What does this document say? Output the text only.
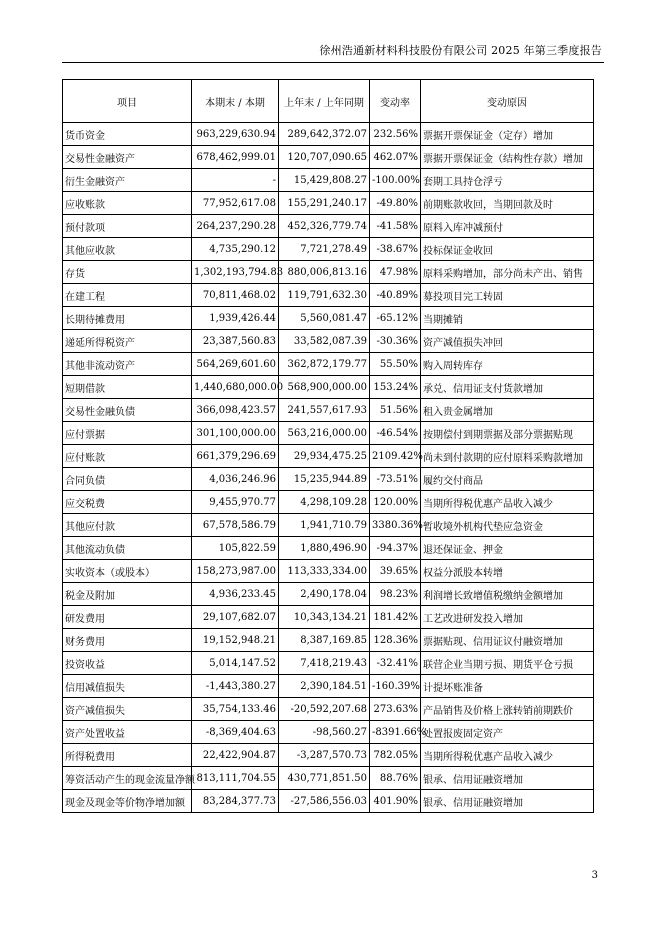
徐州浩通新材料科技股份有限公司 2025 年第三季度报告
项目	本期末 / 本期	上年末 / 上年同期	变动率	变动原因
货币资金	963,229,630.94	289,642,372.07	232.56%	票据开票保证金（定存）增加
交易性金融资产	678,462,999.01	120,707,090.65	462.07%	票据开票保证金（结构性存款）增加
衍生金融资产	-	15,429,808.27	-100.00%	套期工具持仓浮亏
应收账款	77,952,617.08	155,291,240.17	-49.80%	前期账款收回，当期回款及时
预付款项	264,237,290.28	452,326,779.74	-41.58%	原料入库冲减预付
其他应收款	4,735,290.12	7,721,278.49	-38.67%	投标保证金收回
存货	1,302,193,794.83	880,006,813.16	47.98%	原料采购增加，部分尚未产出、销售
在建工程	70,811,468.02	119,791,632.30	-40.89%	募投项目完工转固
长期待摊费用	1,939,426.44	5,560,081.47	-65.12%	当期摊销
递延所得税资产	23,387,560.83	33,582,087.39	-30.36%	资产减值损失冲回
其他非流动资产	564,269,601.60	362,872,179.77	55.50%	购入周转库存
短期借款	1,440,680,000.00	568,900,000.00	153.24%	承兑、信用证支付货款增加
交易性金融负债	366,098,423.57	241,557,617.93	51.56%	租入贵金属增加
应付票据	301,100,000.00	563,216,000.00	-46.54%	按期偿付到期票据及部分票据贴现
应付账款	661,379,296.69	29,934,475.25	2109.42%	尚未到付款期的应付原料采购款增加
合同负债	4,036,246.96	15,235,944.89	-73.51%	履约交付商品
应交税费	9,455,970.77	4,298,109.28	120.00%	当期所得税优惠产品收入减少
其他应付款	67,578,586.79	1,941,710.79	3380.36%	暂收境外机构代垫应急资金
其他流动负债	105,822.59	1,880,496.90	-94.37%	退还保证金、押金
实收资本（或股本）	158,273,987.00	113,333,334.00	39.65%	权益分派股本转增
税金及附加	4,936,233.45	2,490,178.04	98.23%	利润增长致增值税缴纳金额增加
研发费用	29,107,682.07	10,343,134.21	181.42%	工艺改进研发投入增加
财务费用	19,152,948.21	8,387,169.85	128.36%	票据贴现、信用证议付融资增加
投资收益	5,014,147.52	7,418,219.43	-32.41%	联营企业当期亏损、期货平仓亏损
信用减值损失	-1,443,380.27	2,390,184.51	-160.39%	计提坏账准备
资产减值损失	35,754,133.46	-20,592,207.68	273.63%	产品销售及价格上涨转销前期跌价
资产处置收益	-8,369,404.63	-98,560.27	-8391.66%	处置报废固定资产
所得税费用	22,422,904.87	-3,287,570.73	782.05%	当期所得税优惠产品收入减少
筹资活动产生的现金流量净额	813,111,704.55	430,771,851.50	88.76%	银承、信用证融资增加
现金及现金等价物净增加额	83,284,377.73	-27,586,556.03	401.90%	银承、信用证融资增加
3
